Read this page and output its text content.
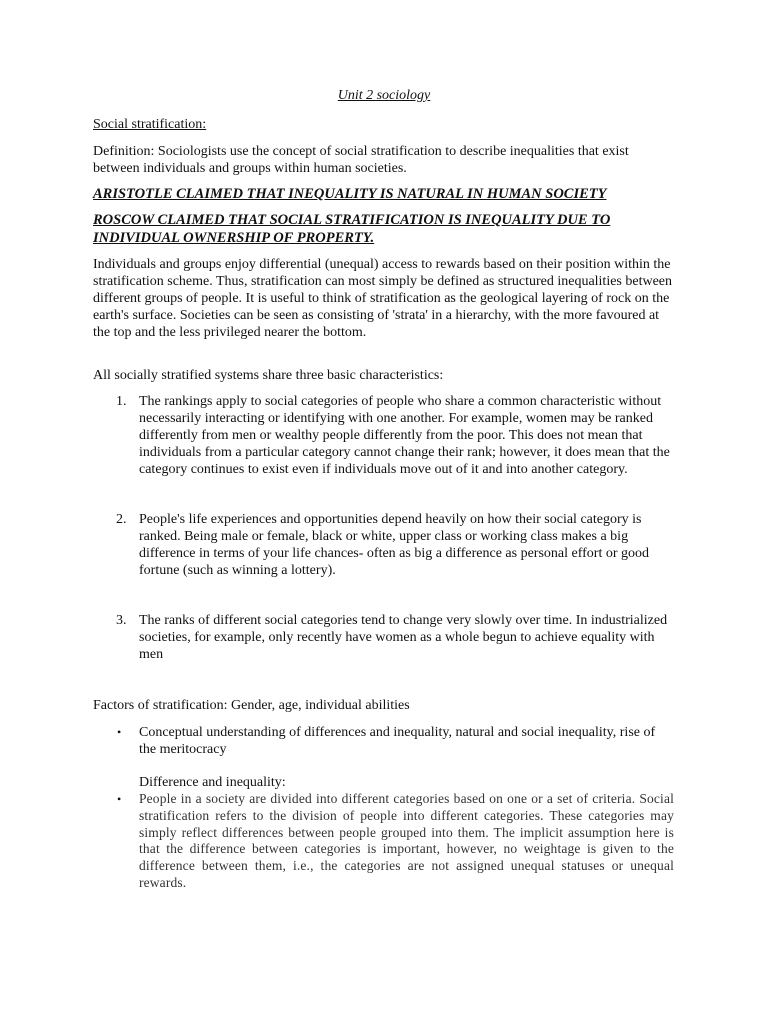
Unit 2 sociology
Social stratification:
Definition: Sociologists use the concept of social stratification to describe inequalities that exist between individuals and groups within human societies.
ARISTOTLE CLAIMED THAT INEQUALITY IS NATURAL IN HUMAN SOCIETY
ROSCOW CLAIMED THAT SOCIAL STRATIFICATION IS INEQUALITY DUE TO INDIVIDUAL OWNERSHIP OF PROPERTY.
Individuals and groups enjoy differential (unequal) access to rewards based on their position within the stratification scheme. Thus, stratification can most simply be defined as structured inequalities between different groups of people. It is useful to think of stratification as the geological layering of rock on the earth's surface. Societies can be seen as consisting of 'strata' in a hierarchy, with the more favoured at the top and the less privileged nearer the bottom.
All socially stratified systems share three basic characteristics:
1. The rankings apply to social categories of people who share a common characteristic without necessarily interacting or identifying with one another. For example, women may be ranked differently from men or wealthy people differently from the poor. This does not mean that individuals from a particular category cannot change their rank; however, it does mean that the category continues to exist even if individuals move out of it and into another category.
2. People's life experiences and opportunities depend heavily on how their social category is ranked. Being male or female, black or white, upper class or working class makes a big difference in terms of your life chances- often as big a difference as personal effort or good fortune (such as winning a lottery).
3. The ranks of different social categories tend to change very slowly over time. In industrialized societies, for example, only recently have women as a whole begun to achieve equality with men
Factors of stratification: Gender, age, individual abilities
• Conceptual understanding of differences and inequality, natural and social inequality, rise of the meritocracy
Difference and inequality:
• People in a society are divided into different categories based on one or a set of criteria. Social stratification refers to the division of people into different categories. These categories may simply reflect differences between people grouped into them. The implicit assumption here is that the difference between categories is important, however, no weightage is given to the difference between them, i.e., the categories are not assigned unequal statuses or unequal rewards.
